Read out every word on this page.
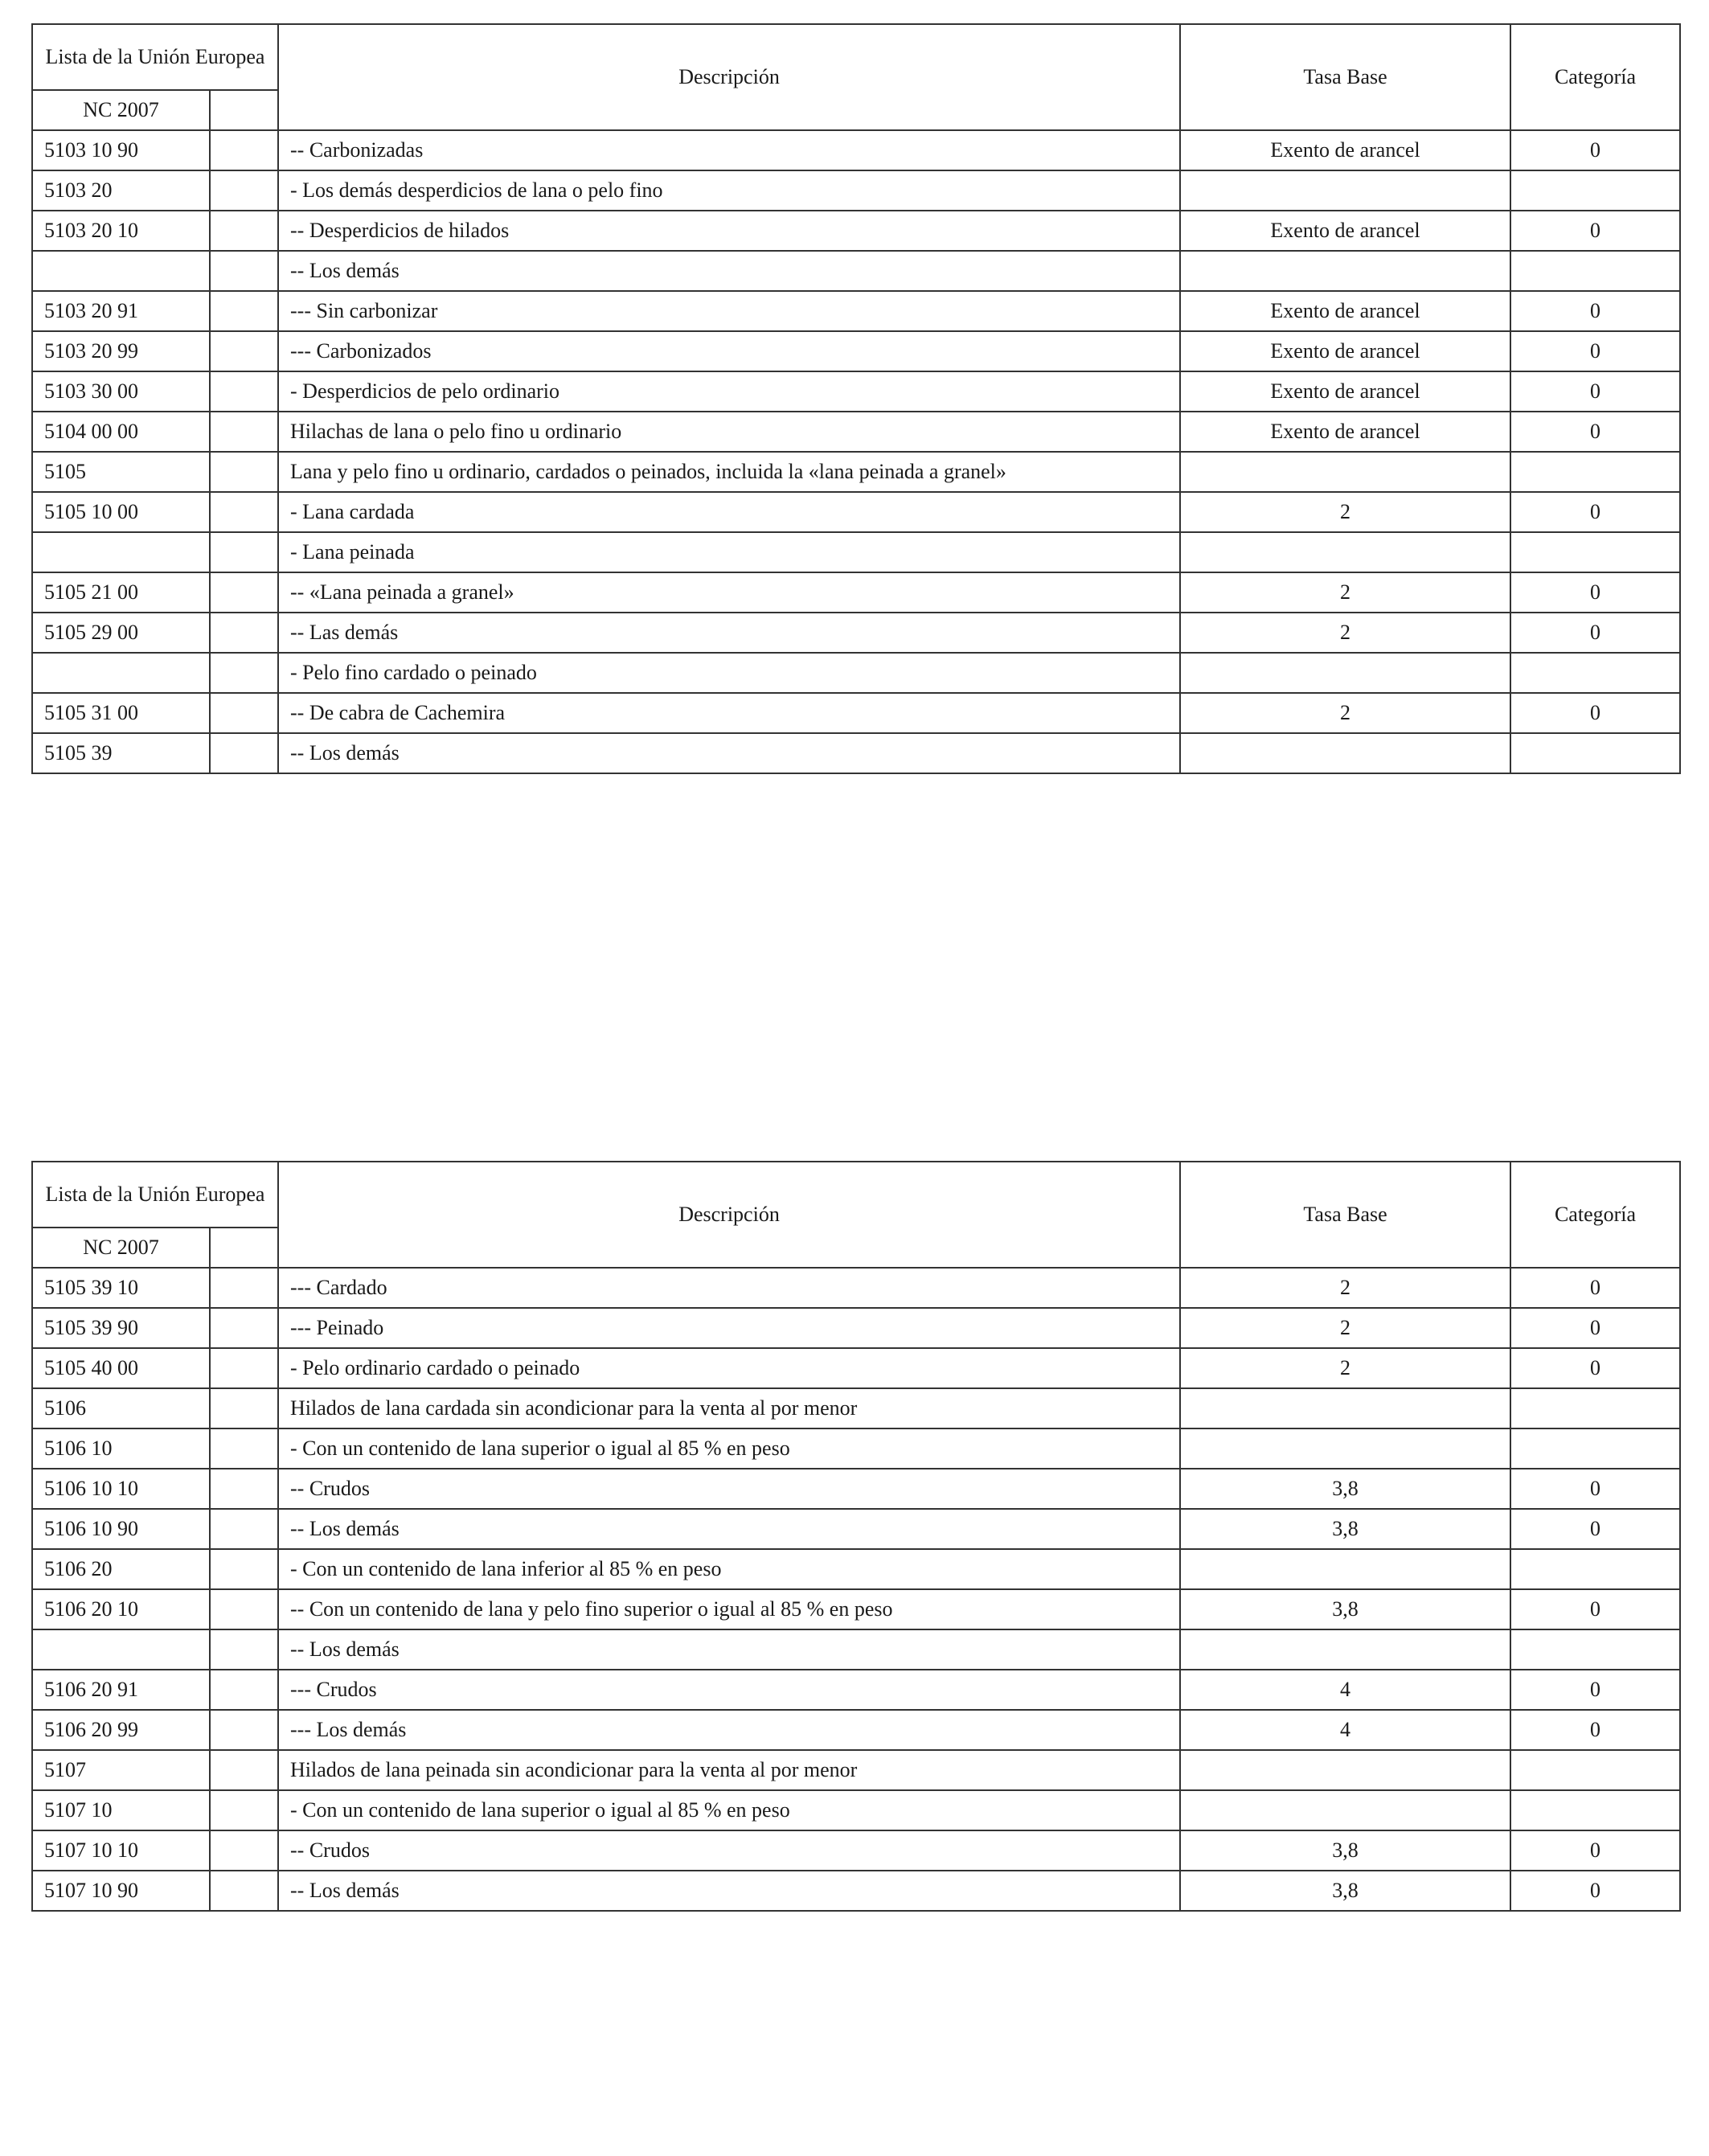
Lista de la Unión Europea		Descripción	Tasa Base	Categoría
NC 2007				
5103 10 90		-- Carbonizadas	Exento de arancel	0
5103 20		- Los demás desperdicios de lana o pelo fino		
5103 20 10		-- Desperdicios de hilados	Exento de arancel	0
		-- Los demás		
5103 20 91		--- Sin carbonizar	Exento de arancel	0
5103 20 99		--- Carbonizados	Exento de arancel	0
5103 30 00		- Desperdicios de pelo ordinario	Exento de arancel	0
5104 00 00		Hilachas de lana o pelo fino u ordinario	Exento de arancel	0
5105		Lana y pelo fino u ordinario, cardados o peinados, incluida la «lana peinada a granel»		
5105 10 00		- Lana cardada	2	0
		- Lana peinada		
5105 21 00		-- «Lana peinada a granel»	2	0
5105 29 00		-- Las demás	2	0
		- Pelo fino cardado o peinado		
5105 31 00		-- De cabra de Cachemira	2	0
5105 39		-- Los demás		
Lista de la Unión Europea		Descripción	Tasa Base	Categoría
NC 2007				
5105 39 10		--- Cardado	2	0
5105 39 90		--- Peinado	2	0
5105 40 00		- Pelo ordinario cardado o peinado	2	0
5106		Hilados de lana cardada sin acondicionar para la venta al por menor		
5106 10		- Con un contenido de lana superior o igual al 85 % en peso		
5106 10 10		-- Crudos	3,8	0
5106 10 90		-- Los demás	3,8	0
5106 20		- Con un contenido de lana inferior al 85 % en peso		
5106 20 10		-- Con un contenido de lana y pelo fino superior o igual al 85 % en peso	3,8	0
		-- Los demás		
5106 20 91		--- Crudos	4	0
5106 20 99		--- Los demás	4	0
5107		Hilados de lana peinada sin acondicionar para la venta al por menor		
5107 10		- Con un contenido de lana superior o igual al 85 % en peso		
5107 10 10		-- Crudos	3,8	0
5107 10 90		-- Los demás	3,8	0
